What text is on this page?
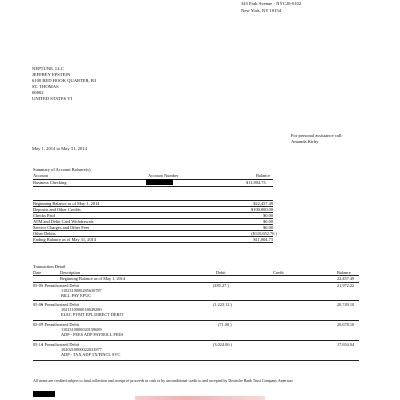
345 Park Avenue - NYC20-0102
New York, NY 10154
NEPTUNE, LLC
JEFFREY EPSTEIN
6100 RED HOOK QUARTER, B3
ST. THOMAS
00802
UNITED STATES VI
For personal assistance call:
Amanda Kirby
May 1, 2014 to May 31, 2014
Summary of Account Balance(s)
Account	Account Number	Balance
Business Checking	$11,804.73
Beginning Balance as of May 1, 2014	$22,457.49
Deposits and Other Credits	$100,000.00
Checks Paid	$0.00
ATM and Debit Card Withdrawals	$0.00
Service Charges and Other Fees	$0.00
Other Debits	($110,652.76 )
Ending Balance as of May 31, 2014	$11,804.73
Transaction Detail
Date	Description	Debit	Credit	Balance
Beginning Balance as of May 1, 2014	22,457.49
05-01
+ Preauthorized Debit
1102310000285630787
BILL PAY EPUC
(485.27 )	21,972.22
05-06
+ Preauthorized Debit
1021110000018649280
ELEC PYMT EPL DIRECT DEBIT
(1,223.12 )	20,749.10
05-07
+ Preauthorized Debit
1102310000020158689
ADP - FEES ADP PAYROLL FEES
(71.00 )	20,678.10
05-14
+ Preauthorized Debit
1020210000022631877
ADP - TAX ADP TX/FINCL SVC
(3,024.06 )	17,654.04
All items are credited subject to final collection and receipt of proceeds in cash or by unconditional credit to and accepted by Deutsche Bank Trust Company Americas
